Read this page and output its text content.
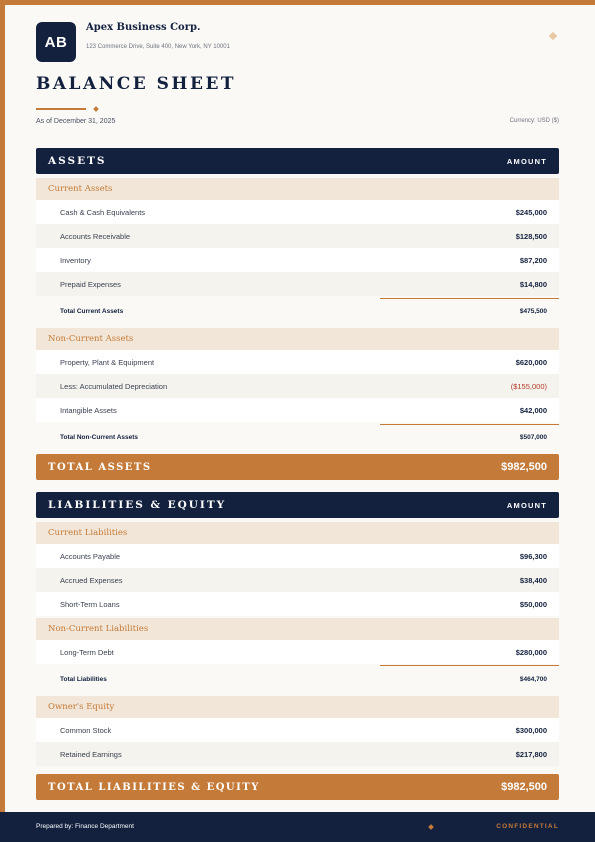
AB
Apex Business Corp.
123 Commerce Drive, Suite 400, New York, NY 10001
BALANCE SHEET
As of December 31, 2025	Currency: USD ($)
ASSETS	AMOUNT
Current Assets
Cash & Cash Equivalents	$245,000
Accounts Receivable	$128,500
Inventory	$87,200
Prepaid Expenses	$14,800
Total Current Assets	$475,500
Non-Current Assets
Property, Plant & Equipment	$620,000
Less: Accumulated Depreciation	($155,000)
Intangible Assets	$42,000
Total Non-Current Assets	$507,000
TOTAL ASSETS	$982,500
LIABILITIES & EQUITY	AMOUNT
Current Liabilities
Accounts Payable	$96,300
Accrued Expenses	$38,400
Short-Term Loans	$50,000
Non-Current Liabilities
Long-Term Debt	$280,000
Total Liabilities	$464,700
Owner's Equity
Common Stock	$300,000
Retained Earnings	$217,800
TOTAL LIABILITIES & EQUITY	$982,500
Prepared by: Finance Department	CONFIDENTIAL
